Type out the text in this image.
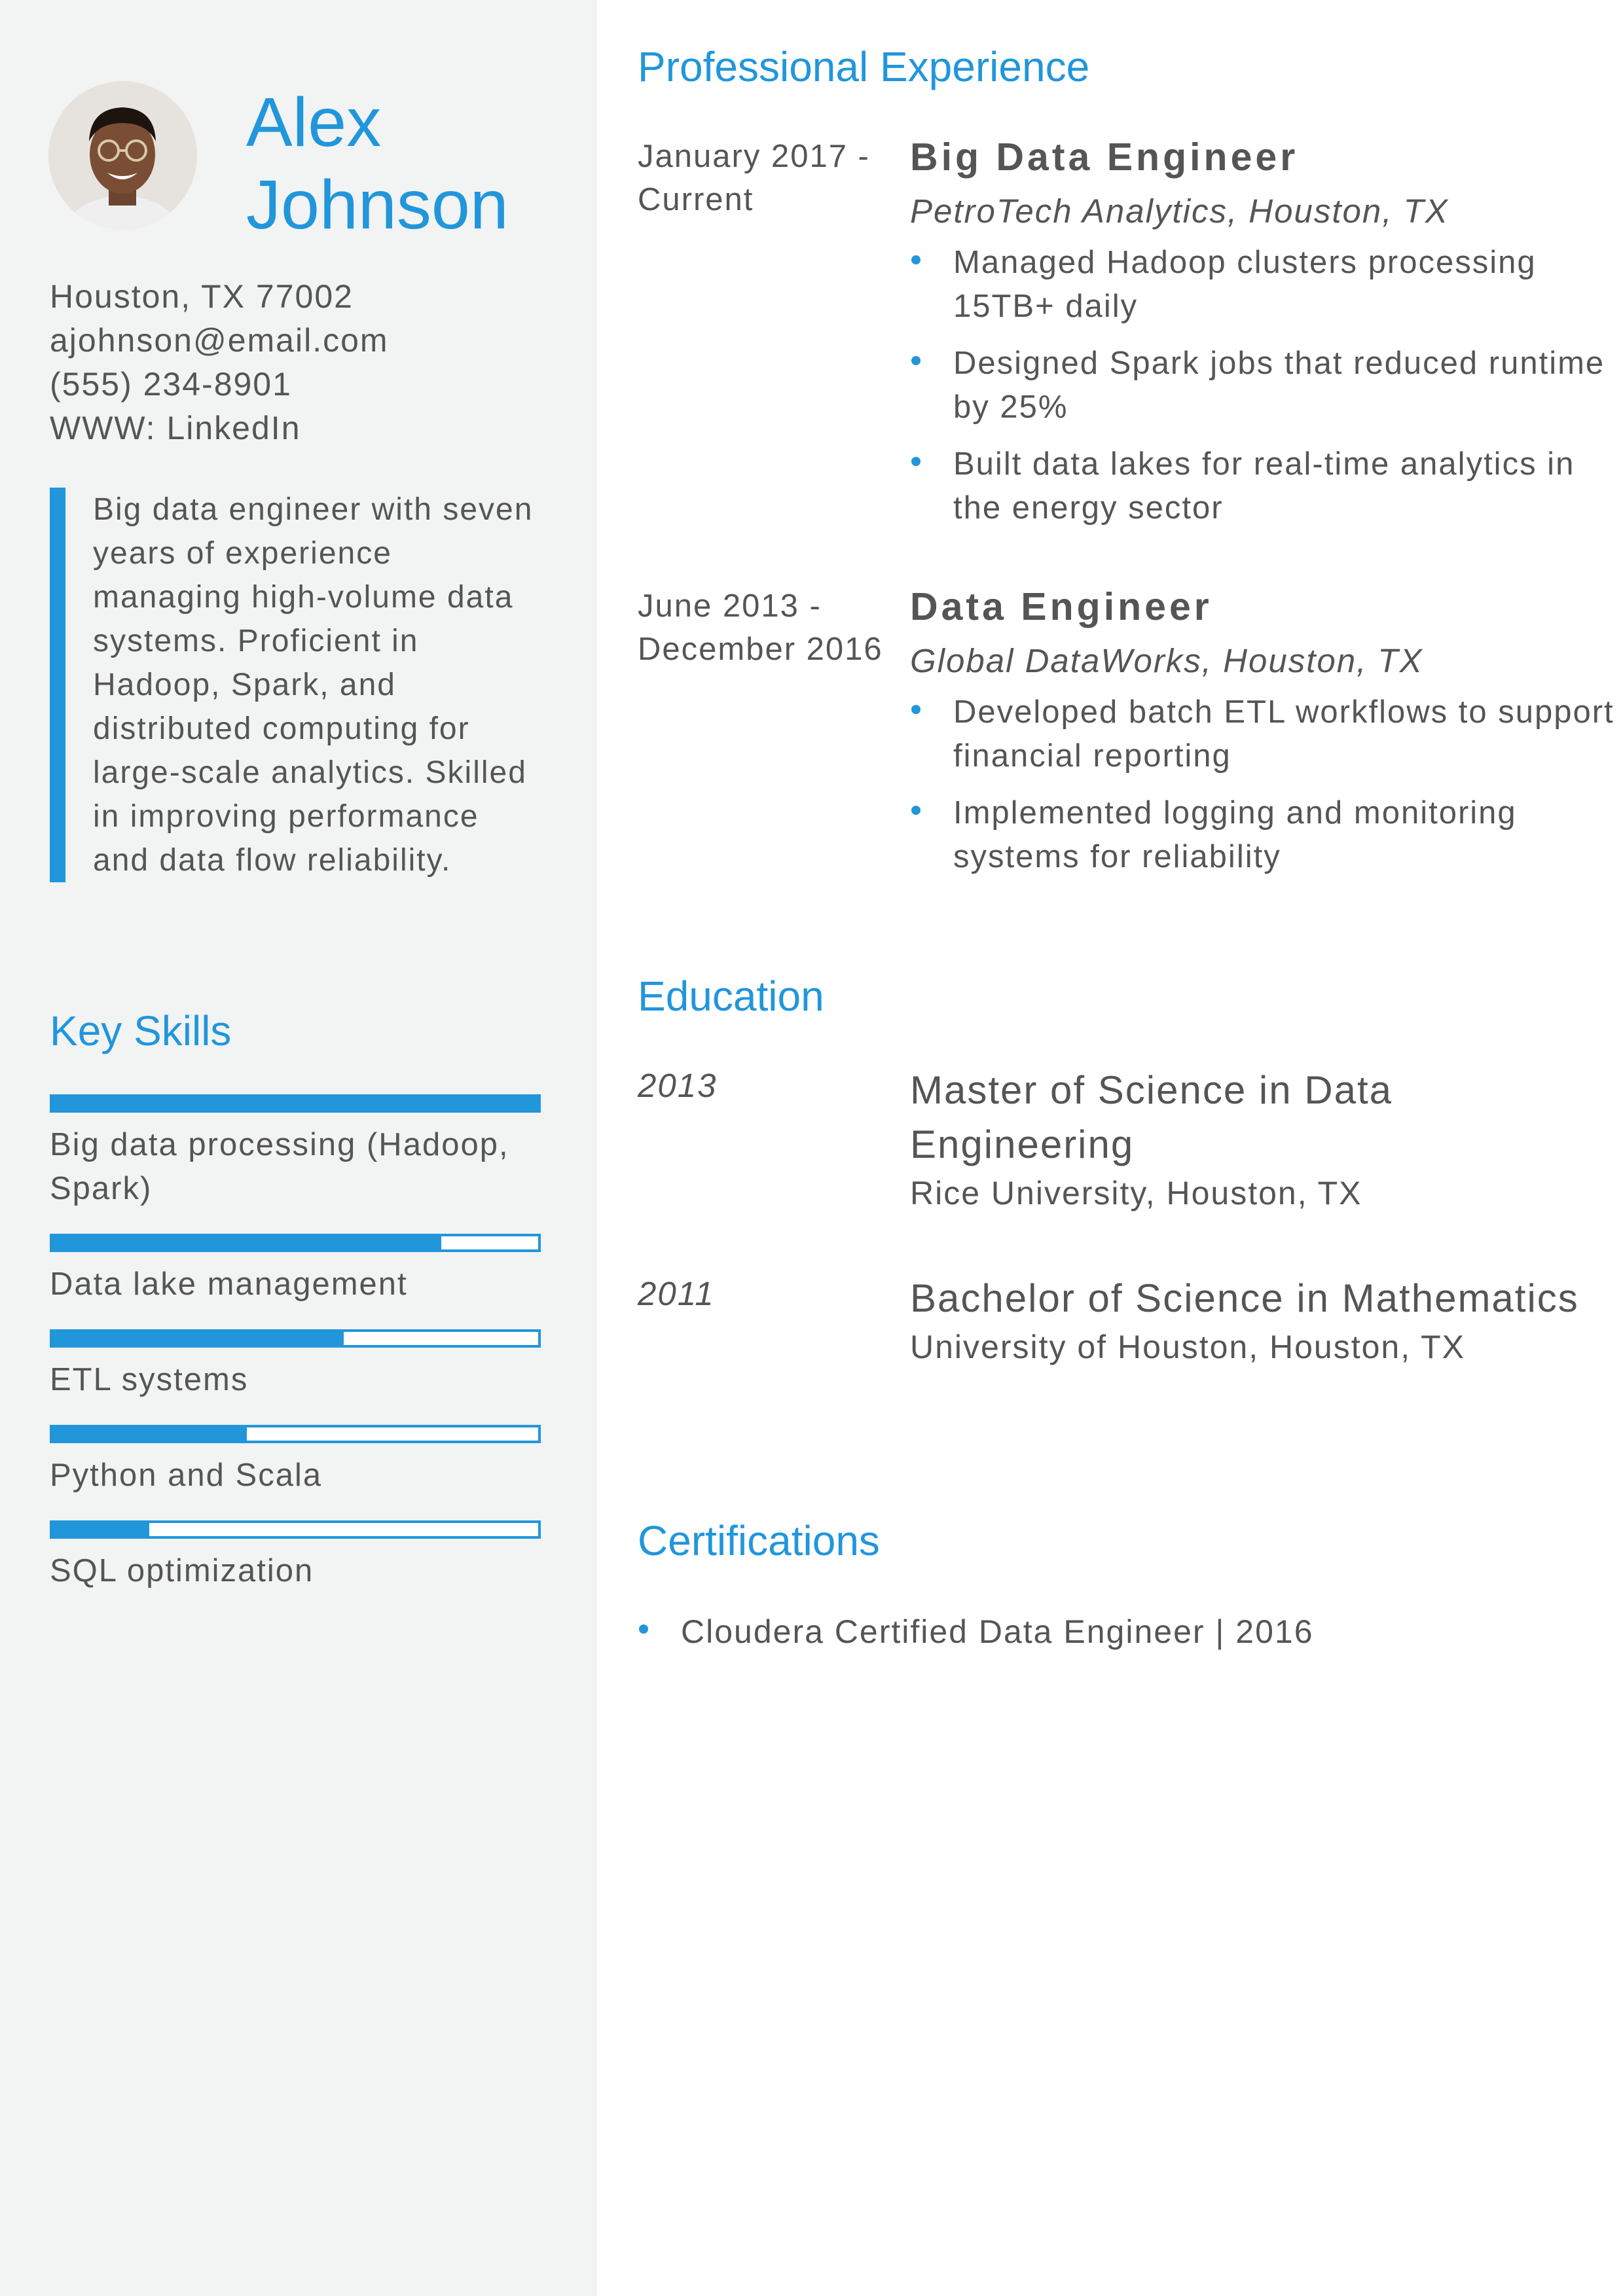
Alex
Johnson
Houston, TX 77002
ajohnson@email.com
(555) 234-8901
WWW: LinkedIn
Big data engineer with seven years of experience managing high-volume data systems. Proficient in Hadoop, Spark, and distributed computing for large-scale analytics. Skilled in improving performance and data flow reliability.
Key Skills
Big data processing (Hadoop, Spark)
Data lake management
ETL systems
Python and Scala
SQL optimization
Professional Experience
January 2017 - Current
Big Data Engineer
PetroTech Analytics, Houston, TX
Managed Hadoop clusters processing 15TB+ daily
Designed Spark jobs that reduced runtime by 25%
Built data lakes for real-time analytics in the energy sector
June 2013 - December 2016
Data Engineer
Global DataWorks, Houston, TX
Developed batch ETL workflows to support financial reporting
Implemented logging and monitoring systems for reliability
Education
2013	Master of Science in Data Engineering
Rice University, Houston, TX
2011	Bachelor of Science in Mathematics
University of Houston, Houston, TX
Certifications
Cloudera Certified Data Engineer | 2016
